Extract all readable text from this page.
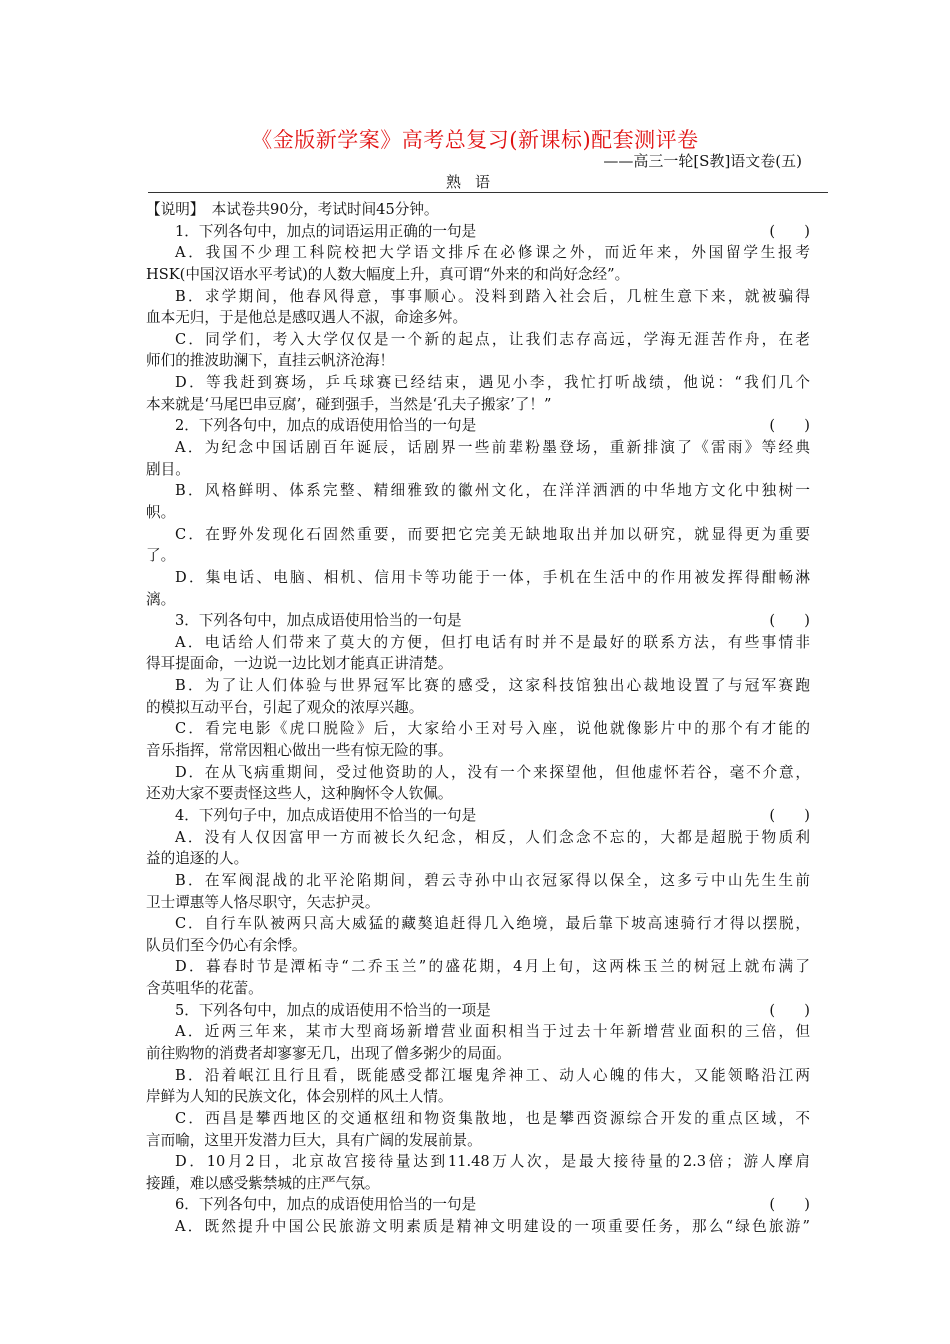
《金版新学案》高考总复习(新课标)配套测评卷
——高三一轮[S教]语文卷(五)
熟语
【说明】　本试卷共90分，考试时间45分钟。
1．下列各句中，加点的词语运用正确的一句是	(　　)
A．我国不少理工科院校把大学语文排斥在必修课之外，而近年来，外国留学生报考
HSK(中国汉语水平考试)的人数大幅度上升，真可谓“外来的和尚好念经”。
B．求学期间，他春风得意，事事顺心。没料到踏入社会后，几桩生意下来，就被骗得
血本无归，于是他总是感叹遇人不淑，命途多舛。
C．同学们，考入大学仅仅是一个新的起点，让我们志存高远，学海无涯苦作舟，在老
师们的推波助澜下，直挂云帆济沧海！
D．等我赶到赛场，乒乓球赛已经结束，遇见小李，我忙打听战绩，他说：“我们几个
本来就是‘马尾巴串豆腐’，碰到强手，当然是‘孔夫子搬家’了！”
2．下列各句中，加点的成语使用恰当的一句是	(　　)
A．为纪念中国话剧百年诞辰，话剧界一些前辈粉墨登场，重新排演了《雷雨》等经典
剧目。
B．风格鲜明、体系完整、精细雅致的徽州文化，在洋洋洒洒的中华地方文化中独树一
帜。
C．在野外发现化石固然重要，而要把它完美无缺地取出并加以研究，就显得更为重要
了。
D．集电话、电脑、相机、信用卡等功能于一体，手机在生活中的作用被发挥得酣畅淋
漓。
3．下列各句中，加点成语使用恰当的一句是	(　　)
A．电话给人们带来了莫大的方便，但打电话有时并不是最好的联系方法，有些事情非
得耳提面命，一边说一边比划才能真正讲清楚。
B．为了让人们体验与世界冠军比赛的感受，这家科技馆独出心裁地设置了与冠军赛跑
的模拟互动平台，引起了观众的浓厚兴趣。
C．看完电影《虎口脱险》后，大家给小王对号入座，说他就像影片中的那个有才能的
音乐指挥，常常因粗心做出一些有惊无险的事。
D．在从飞病重期间，受过他资助的人，没有一个来探望他，但他虚怀若谷，毫不介意，
还劝大家不要责怪这些人，这种胸怀令人钦佩。
4．下列句子中，加点成语使用不恰当的一句是	(　　)
A．没有人仅因富甲一方而被长久纪念，相反，人们念念不忘的，大都是超脱于物质利
益的追逐的人。
B．在军阀混战的北平沦陷期间，碧云寺孙中山衣冠冢得以保全，这多亏中山先生生前
卫士谭惠等人恪尽职守，矢志护灵。
C．自行车队被两只高大威猛的藏獒追赶得几入绝境，最后靠下坡高速骑行才得以摆脱，
队员们至今仍心有余悸。
D．暮春时节是潭柘寺“二乔玉兰”的盛花期，4月上旬，这两株玉兰的树冠上就布满了
含英咀华的花蕾。
5．下列各句中，加点的成语使用不恰当的一项是	(　　)
A．近两三年来，某市大型商场新增营业面积相当于过去十年新增营业面积的三倍，但
前往购物的消费者却寥寥无几，出现了僧多粥少的局面。
B．沿着岷江且行且看，既能感受都江堰鬼斧神工、动人心魄的伟大，又能领略沿江两
岸鲜为人知的民族文化，体会别样的风土人情。
C．西昌是攀西地区的交通枢纽和物资集散地，也是攀西资源综合开发的重点区域，不
言而喻，这里开发潜力巨大，具有广阔的发展前景。
D．10月2日，北京故宫接待量达到11.48万人次，是最大接待量的2.3倍；游人摩肩
接踵，难以感受紫禁城的庄严气氛。
6．下列各句中，加点的成语使用恰当的一句是	(　　)
A．既然提升中国公民旅游文明素质是精神文明建设的一项重要任务，那么“绿色旅游”
